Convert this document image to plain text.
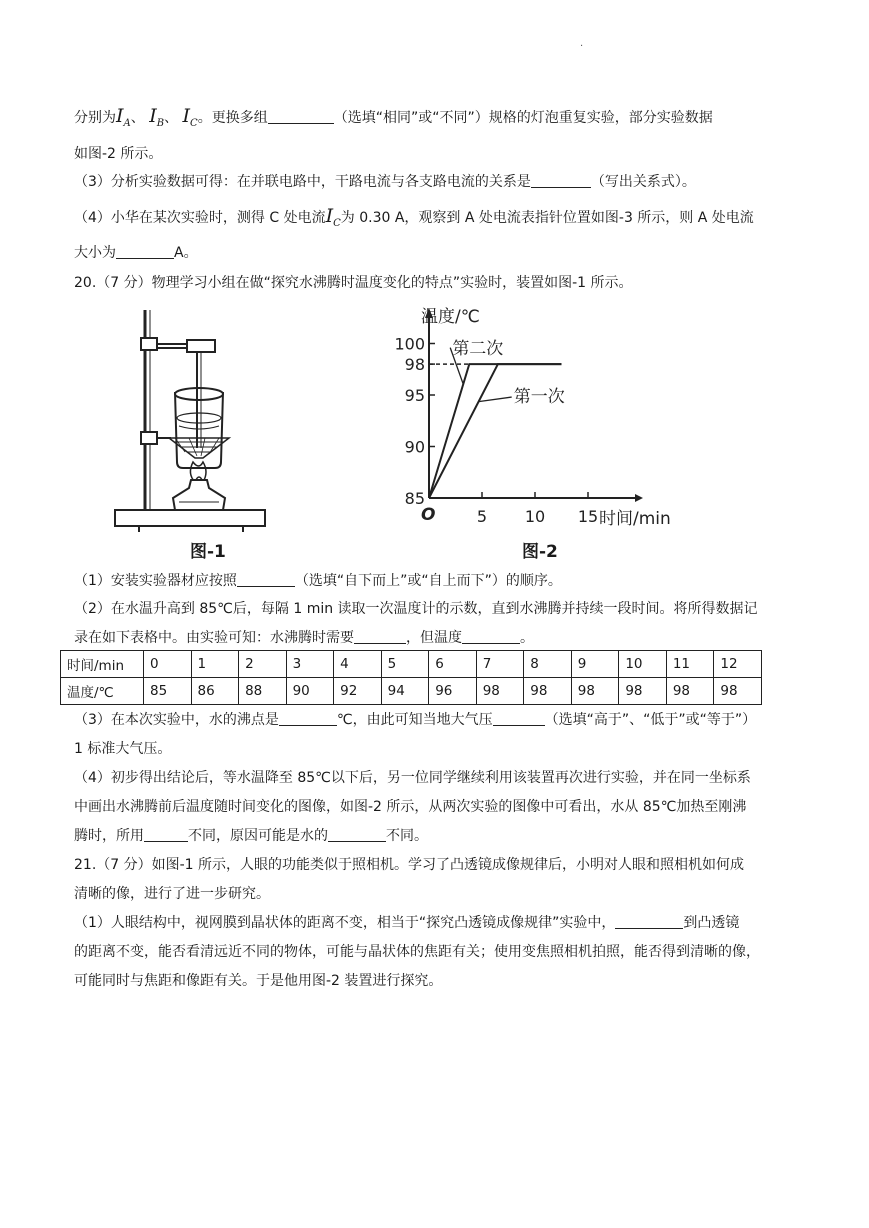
.
分别为$I_A$、 $I_B$、 $I_C$。更换多组	（选填“相同”或“不同”）规格的灯泡重复实验，部分实验数据
如图-2 所示。
（3）分析实验数据可得：在并联电路中，干路电流与各支路电流的关系是	（写出关系式）。
（4）小华在某次实验时，测得 C 处电流$I_C$为 0.30 A，观察到 A 处电流表指针位置如图-3 所示，则 A 处电流
大小为	A。
20.（7 分）物理学习小组在做“探究水沸腾时温度变化的特点”实验时，装置如图-1 所示。
图-1
温度/℃
时间/min
O
85
90
95
98
100
5 10 15
第二次
第一次
图-2
（1）安装实验器材应按照	（选填“自下而上”或“自上而下”）的顺序。
（2）在水温升高到 85℃后，每隔 1 min 读取一次温度计的示数，直到水沸腾并持续一段时间。将所得数据记
录在如下表格中。由实验可知：水沸腾时需要	，但温度	。
时间/min	0	1	2	3	4	5	6	7	8	9	10	11	12
温度/℃	85	86	88	90	92	94	96	98	98	98	98	98	98
（3）在本次实验中，水的沸点是	℃，由此可知当地大气压	（选填“高于”、“低于”或“等于”）
1 标准大气压。
（4）初步得出结论后，等水温降至 85℃以下后，另一位同学继续利用该装置再次进行实验，并在同一坐标系
中画出水沸腾前后温度随时间变化的图像，如图-2 所示，从两次实验的图像中可看出，水从 85℃加热至刚沸
腾时，所用	不同，原因可能是水的	不同。
21.（7 分）如图-1 所示，人眼的功能类似于照相机。学习了凸透镜成像规律后，小明对人眼和照相机如何成
清晰的像，进行了进一步研究。
（1）人眼结构中，视网膜到晶状体的距离不变，相当于“探究凸透镜成像规律”实验中，	到凸透镜
的距离不变，能否看清远近不同的物体，可能与晶状体的焦距有关；使用变焦照相机拍照，能否得到清晰的像，
可能同时与焦距和像距有关。于是他用图-2 装置进行探究。
